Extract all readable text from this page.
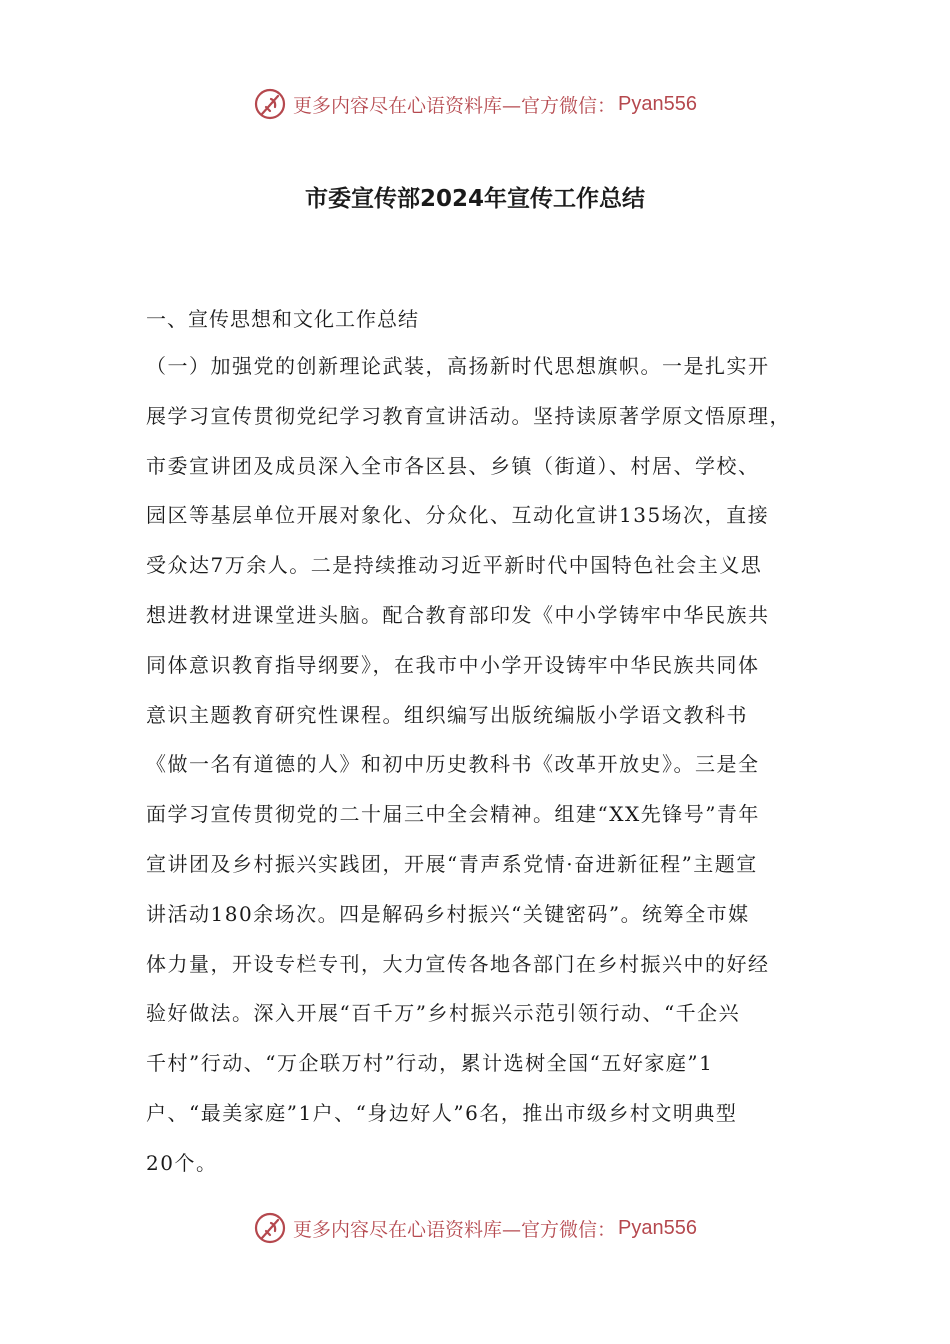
更多内容尽在心语资料库—官方微信： Pyan556
市委宣传部2024年宣传工作总结
一、宣传思想和文化工作总结
（一）加强党的创新理论武装，高扬新时代思想旗帜。一是扎实开
展学习宣传贯彻党纪学习教育宣讲活动。坚持读原著学原文悟原理，
市委宣讲团及成员深入全市各区县、乡镇（街道）、村居、学校、
园区等基层单位开展对象化、分众化、互动化宣讲135场次，直接
受众达7万余人。二是持续推动习近平新时代中国特色社会主义思
想进教材进课堂进头脑。配合教育部印发《中小学铸牢中华民族共
同体意识教育指导纲要》，在我市中小学开设铸牢中华民族共同体
意识主题教育研究性课程。组织编写出版统编版小学语文教科书
《做一名有道德的人》和初中历史教科书《改革开放史》。三是全
面学习宣传贯彻党的二十届三中全会精神。组建“XX先锋号”青年
宣讲团及乡村振兴实践团，开展“青声系党情·奋进新征程”主题宣
讲活动180余场次。四是解码乡村振兴“关键密码”。统筹全市媒
体力量，开设专栏专刊，大力宣传各地各部门在乡村振兴中的好经
验好做法。深入开展“百千万”乡村振兴示范引领行动、“千企兴
千村”行动、“万企联万村”行动，累计选树全国“五好家庭”1
户、“最美家庭”1户、“身边好人”6名，推出市级乡村文明典型
20个。
更多内容尽在心语资料库—官方微信： Pyan556
